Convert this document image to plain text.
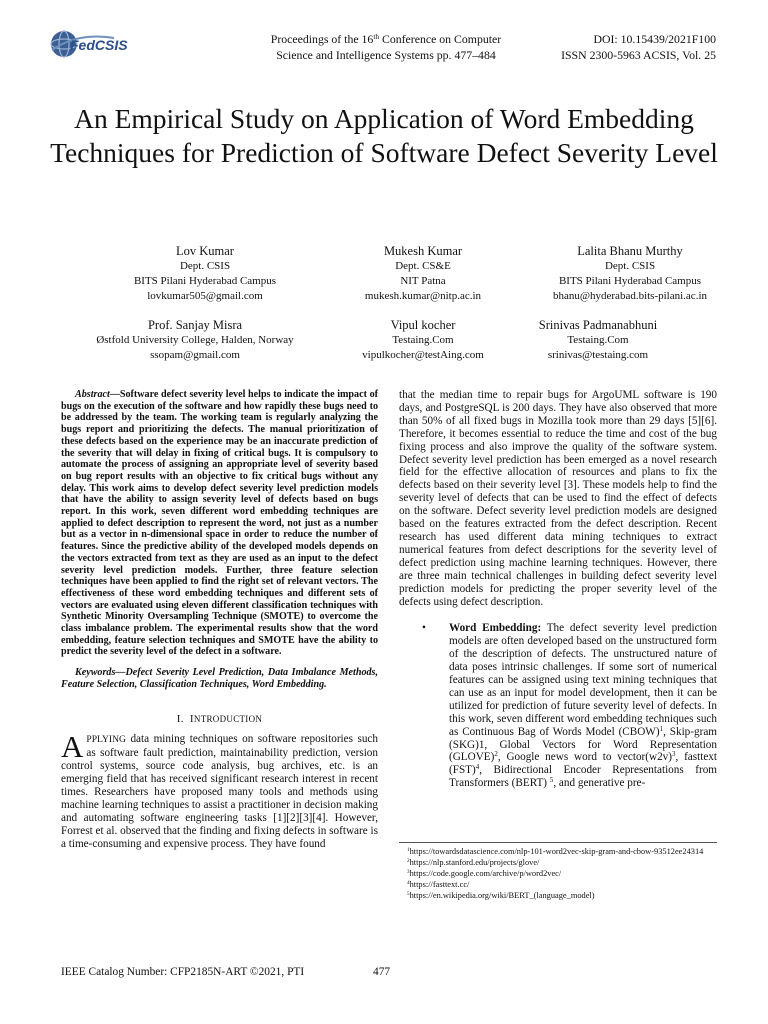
FedCSIS	Proceedings of the 16th Conference on Computer
Science and Intelligence Systems pp. 477–484
DOI: 10.15439/2021F100
ISSN 2300-5963 ACSIS, Vol. 25
An Empirical Study on Application of Word Embedding Techniques for Prediction of Software Defect Severity Level
Lov Kumar
Dept. CSIS
BITS Pilani Hyderabad Campus
lovkumar505@gmail.com
Mukesh Kumar
Dept. CS&E
NIT Patna
mukesh.kumar@nitp.ac.in
Lalita Bhanu Murthy
Dept. CSIS
BITS Pilani Hyderabad Campus
bhanu@hyderabad.bits-pilani.ac.in
Prof. Sanjay Misra
Østfold University College, Halden, Norway
ssopam@gmail.com
Vipul kocher
Testaing.Com
vipulkocher@testAing.com
Srinivas Padmanabhuni
Testaing.Com
srinivas@testaing.com

Abstract—Software defect severity level helps to indicate the impact of bugs on the execution of the software and how rapidly these bugs need to be addressed by the team. The working team is regularly analyzing the bugs report and prioritizing the defects. The manual prioritization of these defects based on the experience may be an inaccurate prediction of the severity that will delay in fixing of critical bugs. It is compulsory to automate the process of assigning an appropriate level of severity based on bug report results with an objective to fix critical bugs without any delay. This work aims to develop defect severity level prediction models that have the ability to assign severity level of defects based on bugs report. In this work, seven different word embedding techniques are applied to defect description to represent the word, not just as a number but as a vector in n-dimensional space in order to reduce the number of features. Since the predictive ability of the developed models depends on the vectors extracted from text as they are used as an input to the defect severity level prediction models. Further, three feature selection techniques have been applied to find the right set of relevant vectors. The effectiveness of these word embedding techniques and different sets of vectors are evaluated using eleven different classification techniques with Synthetic Minority Oversampling Technique (SMOTE) to overcome the class imbalance problem. The experimental results show that the word embedding, feature selection techniques and SMOTE have the ability to predict the severity level of the defect in a software.

Keywords—Defect Severity Level Prediction, Data Imbalance Methods, Feature Selection, Classification Techniques, Word Embedding.

I. INTRODUCTION

APPLYING data mining techniques on software repositories such as software fault prediction, maintainability prediction, version control systems, source code analysis, bug archives, etc. is an emerging field that has received significant research interest in recent times. Researchers have proposed many tools and methods using machine learning techniques to assist a practitioner in decision making and automating software engineering tasks [1][2][3][4]. However, Forrest et al. observed that the finding and fixing defects in software is a time-consuming and expensive process. They have found

that the median time to repair bugs for ArgoUML software is 190 days, and PostgreSQL is 200 days. They have also observed that more than 50% of all fixed bugs in Mozilla took more than 29 days [5][6]. Therefore, it becomes essential to reduce the time and cost of the bug fixing process and also improve the quality of the software system. Defect severity level prediction has been emerged as a novel research field for the effective allocation of resources and plans to fix the defects based on their severity level [3]. These models help to find the severity level of defects that can be used to find the effect of defects on the software. Defect severity level prediction models are designed based on the features extracted from the defect description. Recent research has used different data mining techniques to extract numerical features from defect descriptions for the severity level of defect prediction using machine learning techniques. However, there are three main technical challenges in building defect severity level prediction models for predicting the proper severity level of the defects using defect description.

• Word Embedding: The defect severity level prediction models are often developed based on the unstructured form of the description of defects. The unstructured nature of data poses intrinsic challenges. If some sort of numerical features can be assigned using text mining techniques that can use as an input for model development, then it can be utilized for prediction of future severity level of defects. In this work, seven different word embedding techniques such as Continuous Bag of Words Model (CBOW)$^1$, Skip-gram (SKG)1, Global Vectors for Word Representation (GLOVE)$^2$, Google news word to $vector(w2v)^3$, fasttext (FST)$^4$, Bidirectional Encoder Representations from Transformers (BERT) $^5$, and generative pre-
$^1$https://towardsdatascience.com/nlp-101-word2vec-skip-gram-and-cbow-93512ee24314
$^2$https://nlp.stanford.edu/projects/glove/
$^3$https://code.google.com/archive/p/word2vec/
$^4$https://fasttext.cc/
$^5$https://en.wikipedia.org/wiki/BERT_(language_model)
IEEE Catalog Number: CFP2185N-ART ©2021, PTI	477
